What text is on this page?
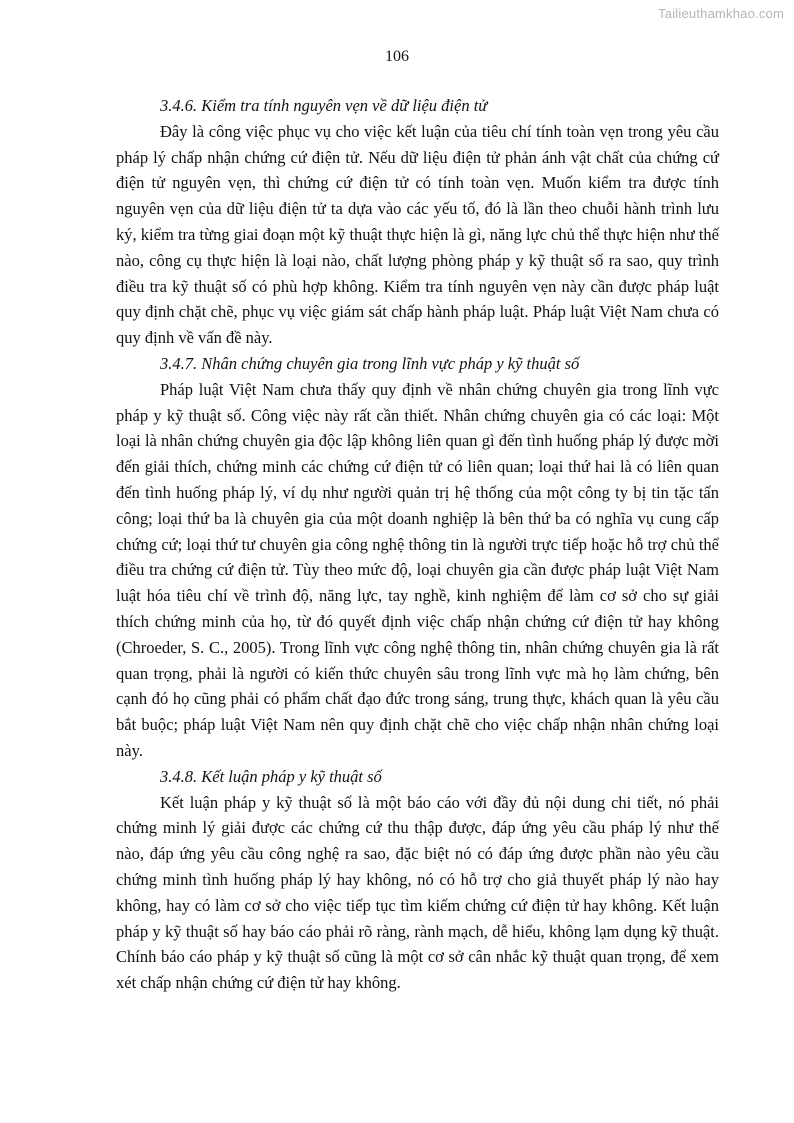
Tailieuthamkhao.com
106

3.4.6. Kiểm tra tính nguyên vẹn về dữ liệu điện tử

Đây là công việc phục vụ cho việc kết luận của tiêu chí tính toàn vẹn trong yêu cầu pháp lý chấp nhận chứng cứ điện tử. Nếu dữ liệu điện tử phản ánh vật chất của chứng cứ điện tử nguyên vẹn, thì chứng cứ điện tử có tính toàn vẹn. Muốn kiểm tra được tính nguyên vẹn của dữ liệu điện tử ta dựa vào các yếu tố, đó là lần theo chuỗi hành trình lưu ký, kiểm tra từng giai đoạn một kỹ thuật thực hiện là gì, năng lực chủ thể thực hiện như thế nào, công cụ thực hiện là loại nào, chất lượng phòng pháp y kỹ thuật số ra sao, quy trình điều tra kỹ thuật số có phù hợp không. Kiểm tra tính nguyên vẹn này cần được pháp luật quy định chặt chẽ, phục vụ việc giám sát chấp hành pháp luật. Pháp luật Việt Nam chưa có quy định về vấn đề này.

3.4.7. Nhân chứng chuyên gia trong lĩnh vực pháp y kỹ thuật số

Pháp luật Việt Nam chưa thấy quy định về nhân chứng chuyên gia trong lĩnh vực pháp y kỹ thuật số. Công việc này rất cần thiết. Nhân chứng chuyên gia có các loại: Một loại là nhân chứng chuyên gia độc lập không liên quan gì đến tình huống pháp lý được mời đến giải thích, chứng minh các chứng cứ điện tử có liên quan; loại thứ hai là có liên quan đến tình huống pháp lý, ví dụ như người quản trị hệ thống của một công ty bị tin tặc tấn công; loại thứ ba là chuyên gia của một doanh nghiệp là bên thứ ba có nghĩa vụ cung cấp chứng cứ; loại thứ tư chuyên gia công nghệ thông tin là người trực tiếp hoặc hỗ trợ chủ thể điều tra chứng cứ điện tử. Tùy theo mức độ, loại chuyên gia cần được pháp luật Việt Nam luật hóa tiêu chí về trình độ, năng lực, tay nghề, kinh nghiệm để làm cơ sở cho sự giải thích chứng minh của họ, từ đó quyết định việc chấp nhận chứng cứ điện tử hay không (Chroeder, S. C., 2005). Trong lĩnh vực công nghệ thông tin, nhân chứng chuyên gia là rất quan trọng, phải là người có kiến thức chuyên sâu trong lĩnh vực mà họ làm chứng, bên cạnh đó họ cũng phải có phẩm chất đạo đức trong sáng, trung thực, khách quan là yêu cầu bắt buộc; pháp luật Việt Nam nên quy định chặt chẽ cho việc chấp nhận nhân chứng loại này.

3.4.8. Kết luận pháp y kỹ thuật số

Kết luận pháp y kỹ thuật số là một báo cáo với đầy đủ nội dung chi tiết, nó phải chứng minh lý giải được các chứng cứ thu thập được, đáp ứng yêu cầu pháp lý như thế nào, đáp ứng yêu cầu công nghệ ra sao, đặc biệt nó có đáp ứng được phần nào yêu cầu chứng minh tình huống pháp lý hay không, nó có hỗ trợ cho giả thuyết pháp lý nào hay không, hay có làm cơ sở cho việc tiếp tục tìm kiếm chứng cứ điện tử hay không. Kết luận pháp y kỹ thuật số hay báo cáo phải rõ ràng, rành mạch, dễ hiểu, không lạm dụng kỹ thuật. Chính báo cáo pháp y kỹ thuật số cũng là một cơ sở cân nhắc kỹ thuật quan trọng, để xem xét chấp nhận chứng cứ điện tử hay không.
